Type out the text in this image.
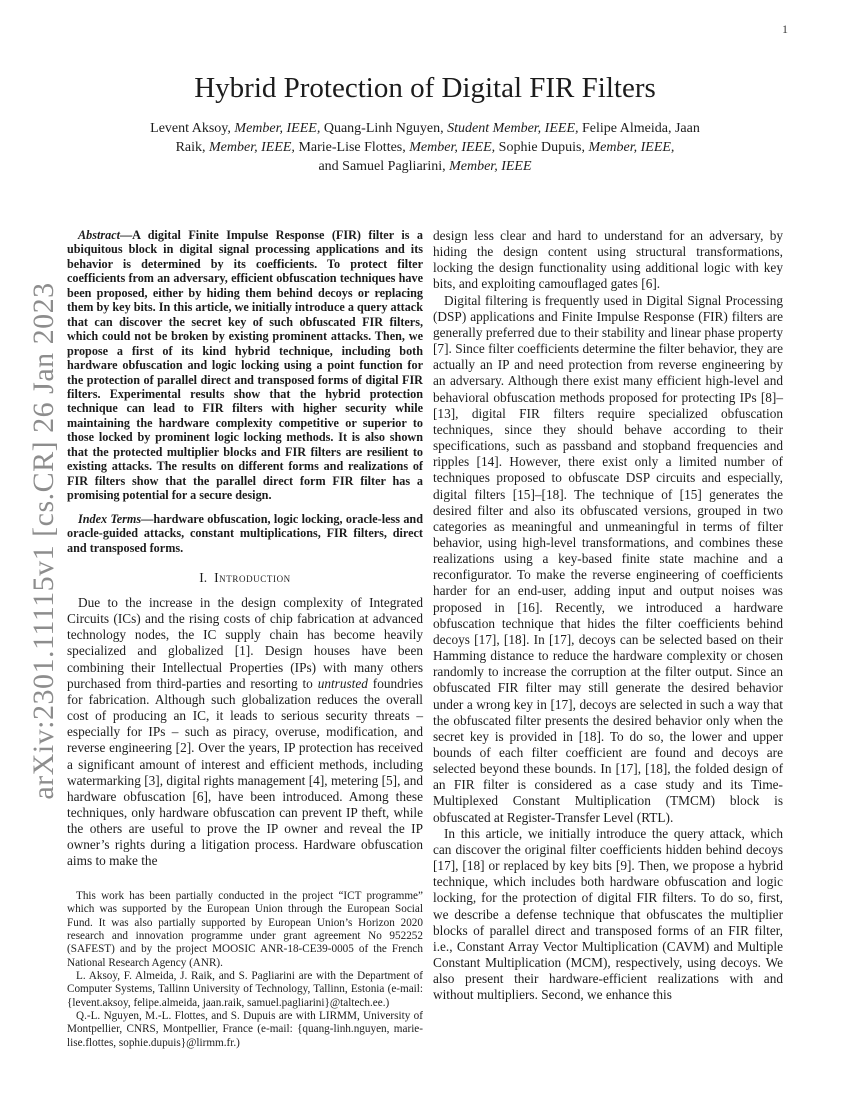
1
arXiv:2301.11115v1 [cs.CR] 26 Jan 2023
Hybrid Protection of Digital FIR Filters
Levent Aksoy, Member, IEEE, Quang-Linh Nguyen, Student Member, IEEE, Felipe Almeida, Jaan
Raik, Member, IEEE, Marie-Lise Flottes, Member, IEEE, Sophie Dupuis, Member, IEEE,
and Samuel Pagliarini, Member, IEEE

Abstract—A digital Finite Impulse Response (FIR) filter is a ubiquitous block in digital signal processing applications and its behavior is determined by its coefficients. To protect filter coefficients from an adversary, efficient obfuscation techniques have been proposed, either by hiding them behind decoys or replacing them by key bits. In this article, we initially introduce a query attack that can discover the secret key of such obfuscated FIR filters, which could not be broken by existing prominent attacks. Then, we propose a first of its kind hybrid technique, including both hardware obfuscation and logic locking using a point function for the protection of parallel direct and transposed forms of digital FIR filters. Experimental results show that the hybrid protection technique can lead to FIR filters with higher security while maintaining the hardware complexity competitive or superior to those locked by prominent logic locking methods. It is also shown that the protected multiplier blocks and FIR filters are resilient to existing attacks. The results on different forms and realizations of FIR filters show that the parallel direct form FIR filter has a promising potential for a secure design.

Index Terms—hardware obfuscation, logic locking, oracle-less and oracle-guided attacks, constant multiplications, FIR filters, direct and transposed forms.

I. Introduction

Due to the increase in the design complexity of Integrated Circuits (ICs) and the rising costs of chip fabrication at advanced technology nodes, the IC supply chain has become heavily specialized and globalized [1]. Design houses have been combining their Intellectual Properties (IPs) with many others purchased from third-parties and resorting to untrusted foundries for fabrication. Although such globalization reduces the overall cost of producing an IC, it leads to serious security threats – especially for IPs – such as piracy, overuse, modification, and reverse engineering [2]. Over the years, IP protection has received a significant amount of interest and efficient methods, including watermarking [3], digital rights management [4], metering [5], and hardware obfuscation [6], have been introduced. Among these techniques, only hardware obfuscation can prevent IP theft, while the others are useful to prove the IP owner and reveal the IP owner’s rights during a litigation process. Hardware obfuscation aims to make the

This work has been partially conducted in the project “ICT programme” which was supported by the European Union through the European Social Fund. It was also partially supported by European Union’s Horizon 2020 research and innovation programme under grant agreement No 952252 (SAFEST) and by the project MOOSIC ANR-18-CE39-0005 of the French National Research Agency (ANR).

L. Aksoy, F. Almeida, J. Raik, and S. Pagliarini are with the Department of Computer Systems, Tallinn University of Technology, Tallinn, Estonia (e-mail: {levent.aksoy, felipe.almeida, jaan.raik, samuel.pagliarini}@taltech.ee.)

Q.-L. Nguyen, M.-L. Flottes, and S. Dupuis are with LIRMM, University of Montpellier, CNRS, Montpellier, France (e-mail: {quang-linh.nguyen, marie-lise.flottes, sophie.dupuis}@lirmm.fr.)

design less clear and hard to understand for an adversary, by hiding the design content using structural transformations, locking the design functionality using additional logic with key bits, and exploiting camouflaged gates [6].

Digital filtering is frequently used in Digital Signal Processing (DSP) applications and Finite Impulse Response (FIR) filters are generally preferred due to their stability and linear phase property [7]. Since filter coefficients determine the filter behavior, they are actually an IP and need protection from reverse engineering by an adversary. Although there exist many efficient high-level and behavioral obfuscation methods proposed for protecting IPs [8]–[13], digital FIR filters require specialized obfuscation techniques, since they should behave according to their specifications, such as passband and stopband frequencies and ripples [14]. However, there exist only a limited number of techniques proposed to obfuscate DSP circuits and especially, digital filters [15]–[18]. The technique of [15] generates the desired filter and also its obfuscated versions, grouped in two categories as meaningful and unmeaningful in terms of filter behavior, using high-level transformations, and combines these realizations using a key-based finite state machine and a reconfigurator. To make the reverse engineering of coefficients harder for an end-user, adding input and output noises was proposed in [16]. Recently, we introduced a hardware obfuscation technique that hides the filter coefficients behind decoys [17], [18]. In [17], decoys can be selected based on their Hamming distance to reduce the hardware complexity or chosen randomly to increase the corruption at the filter output. Since an obfuscated FIR filter may still generate the desired behavior under a wrong key in [17], decoys are selected in such a way that the obfuscated filter presents the desired behavior only when the secret key is provided in [18]. To do so, the lower and upper bounds of each filter coefficient are found and decoys are selected beyond these bounds. In [17], [18], the folded design of an FIR filter is considered as a case study and its Time-Multiplexed Constant Multiplication (TMCM) block is obfuscated at Register-Transfer Level (RTL).

In this article, we initially introduce the query attack, which can discover the original filter coefficients hidden behind decoys [17], [18] or replaced by key bits [9]. Then, we propose a hybrid technique, which includes both hardware obfuscation and logic locking, for the protection of digital FIR filters. To do so, first, we describe a defense technique that obfuscates the multiplier blocks of parallel direct and transposed forms of an FIR filter, i.e., Constant Array Vector Multiplication (CAVM) and Multiple Constant Multiplication (MCM), respectively, using decoys. We also present their hardware-efficient realizations with and without multipliers. Second, we enhance this
